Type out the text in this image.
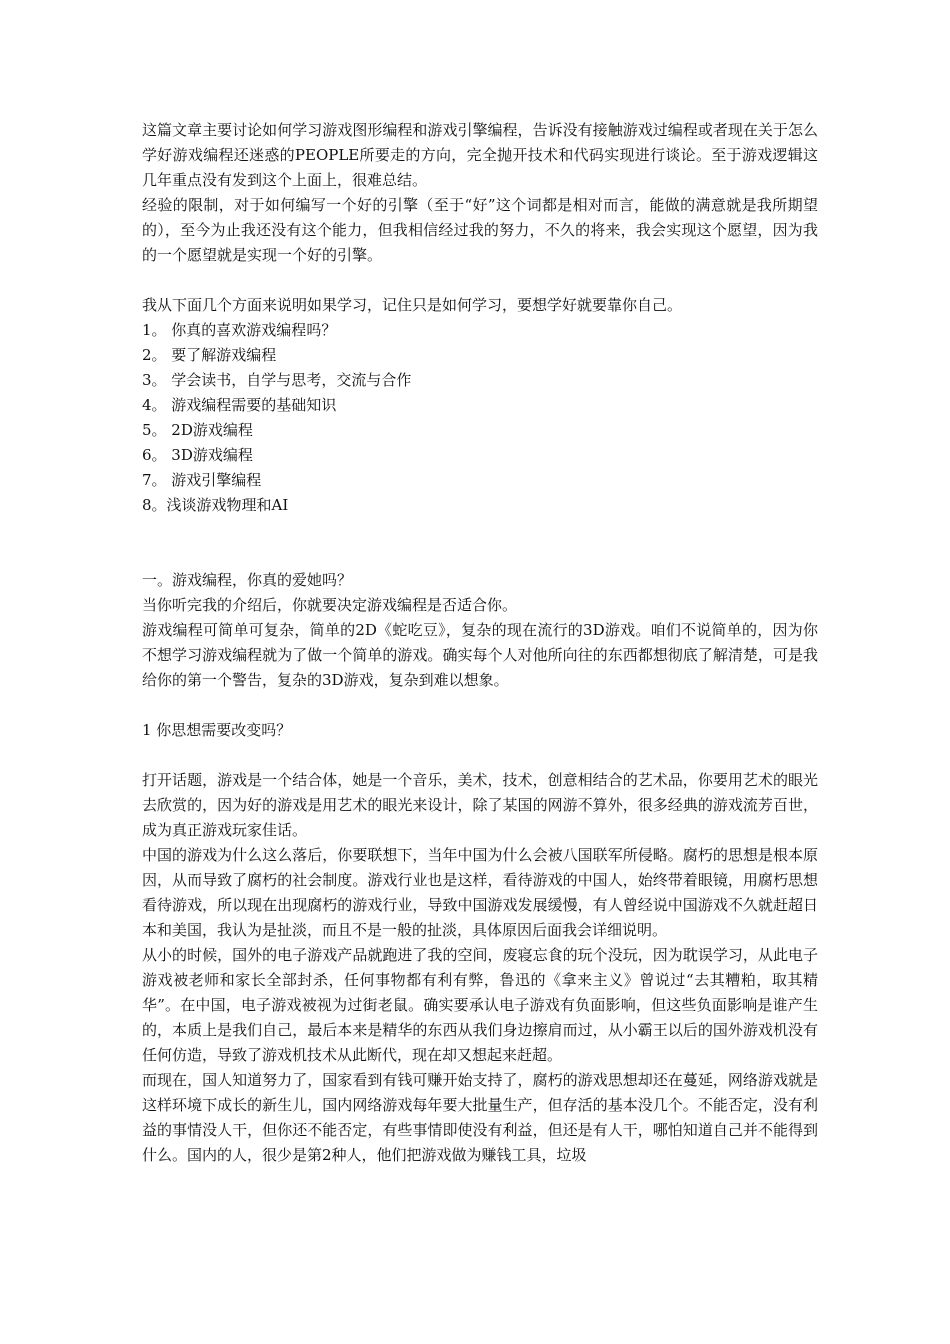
这篇文章主要讨论如何学习游戏图形编程和游戏引擎编程，告诉没有接触游戏过编程或者现在关于怎么学好游戏编程还迷惑的PEOPLE所要走的方向，完全抛开技术和代码实现进行谈论。至于游戏逻辑这几年重点没有发到这个上面上，很难总结。

经验的限制，对于如何编写一个好的引擎（至于“好”这个词都是相对而言，能做的满意就是我所期望的），至今为止我还没有这个能力，但我相信经过我的努力，不久的将来，我会实现这个愿望，因为我的一个愿望就是实现一个好的引擎。

我从下面几个方面来说明如果学习，记住只是如何学习，要想学好就要靠你自己。

1。 你真的喜欢游戏编程吗？
2。 要了解游戏编程
3。 学会读书，自学与思考，交流与合作
4。 游戏编程需要的基础知识
5。 2D游戏编程
6。 3D游戏编程
7。 游戏引擎编程
8。浅谈游戏物理和AI

一。游戏编程，你真的爱她吗？

当你听完我的介绍后，你就要决定游戏编程是否适合你。

游戏编程可简单可复杂，简单的2D《蛇吃豆》，复杂的现在流行的3D游戏。咱们不说简单的，因为你不想学习游戏编程就为了做一个简单的游戏。确实每个人对他所向往的东西都想彻底了解清楚，可是我给你的第一个警告，复杂的3D游戏，复杂到难以想象。

1 你思想需要改变吗？

打开话题，游戏是一个结合体，她是一个音乐，美术，技术，创意相结合的艺术品，你要用艺术的眼光去欣赏的，因为好的游戏是用艺术的眼光来设计，除了某国的网游不算外，很多经典的游戏流芳百世，成为真正游戏玩家佳话。

中国的游戏为什么这么落后，你要联想下，当年中国为什么会被八国联军所侵略。腐朽的思想是根本原因，从而导致了腐朽的社会制度。游戏行业也是这样，看待游戏的中国人，始终带着眼镜，用腐朽思想看待游戏，所以现在出现腐朽的游戏行业，导致中国游戏发展缓慢，有人曾经说中国游戏不久就赶超日本和美国，我认为是扯淡，而且不是一般的扯淡，具体原因后面我会详细说明。

从小的时候，国外的电子游戏产品就跑进了我的空间，废寝忘食的玩个没玩，因为耽误学习，从此电子游戏被老师和家长全部封杀，任何事物都有利有弊，鲁迅的《拿来主义》曾说过“去其糟粕，取其精华”。在中国，电子游戏被视为过街老鼠。确实要承认电子游戏有负面影响，但这些负面影响是谁产生的，本质上是我们自己，最后本来是精华的东西从我们身边擦肩而过，从小霸王以后的国外游戏机没有任何仿造，导致了游戏机技术从此断代，现在却又想起来赶超。

而现在，国人知道努力了，国家看到有钱可赚开始支持了，腐朽的游戏思想却还在蔓延，网络游戏就是这样环境下成长的新生儿，国内网络游戏每年要大批量生产，但存活的基本没几个。不能否定，没有利益的事情没人干，但你还不能否定，有些事情即使没有利益，但还是有人干，哪怕知道自己并不能得到什么。国内的人，很少是第2种人，他们把游戏做为赚钱工具，垃圾
